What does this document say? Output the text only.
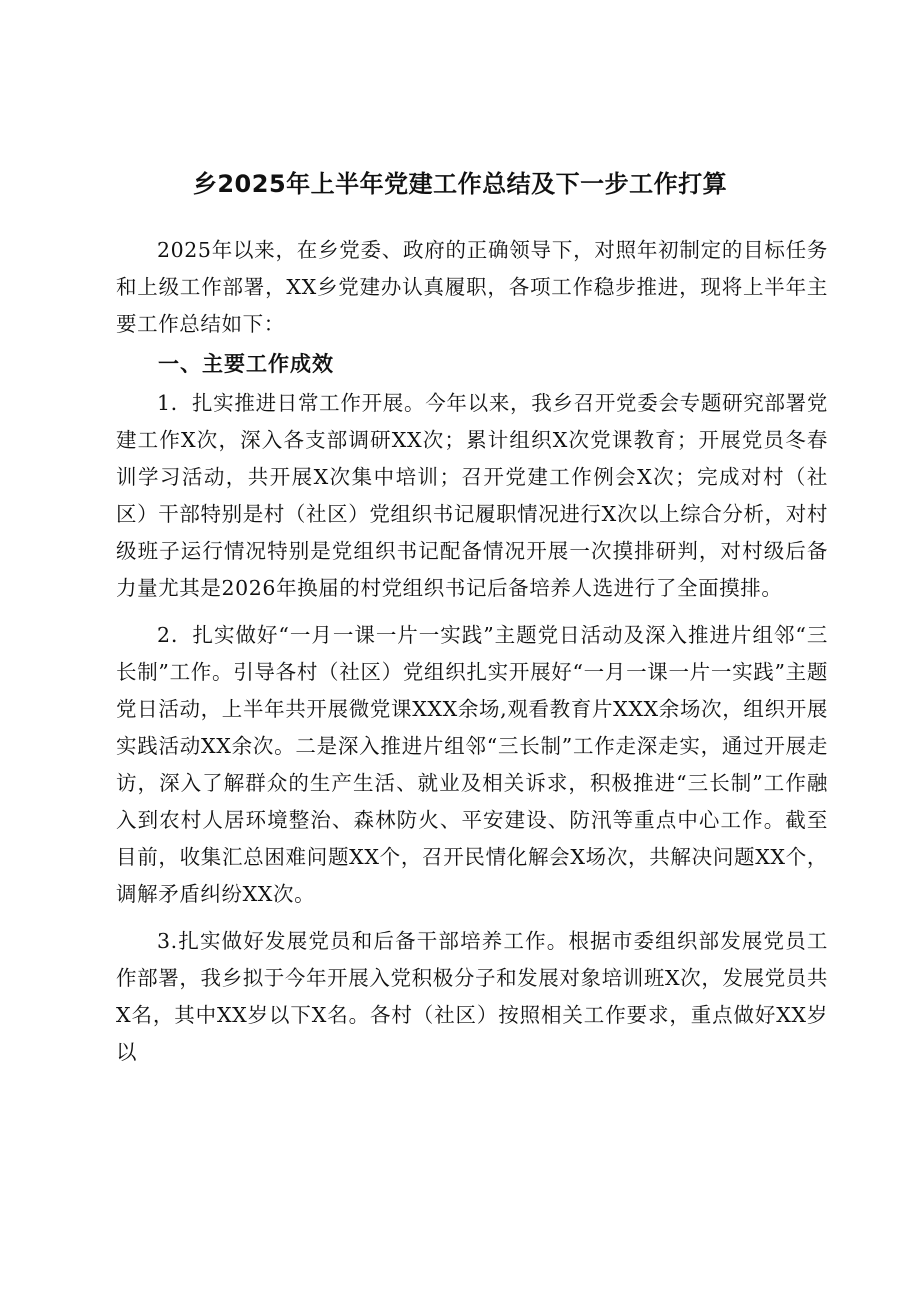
乡2025年上半年党建工作总结及下一步工作打算

2025年以来，在乡党委、政府的正确领导下，对照年初制定的目标任务和上级工作部署，XX乡党建办认真履职，各项工作稳步推进，现将上半年主要工作总结如下：

一、主要工作成效

1．扎实推进日常工作开展。今年以来，我乡召开党委会专题研究部署党建工作X次，深入各支部调研XX次；累计组织X次党课教育；开展党员冬春训学习活动，共开展X次集中培训；召开党建工作例会X次；完成对村（社区）干部特别是村（社区）党组织书记履职情况进行X次以上综合分析，对村级班子运行情况特别是党组织书记配备情况开展一次摸排研判，对村级后备力量尤其是2026年换届的村党组织书记后备培养人选进行了全面摸排。

2．扎实做好“一月一课一片一实践”主题党日活动及深入推进片组邻“三长制”工作。引导各村（社区）党组织扎实开展好“一月一课一片一实践”主题党日活动，上半年共开展微党课XXX余场,观看教育片XXX余场次，组织开展实践活动XX余次。二是深入推进片组邻“三长制”工作走深走实，通过开展走访，深入了解群众的生产生活、就业及相关诉求，积极推进“三长制”工作融入到农村人居环境整治、森林防火、平安建设、防汛等重点中心工作。截至目前，收集汇总困难问题XX个，召开民情化解会X场次，共解决问题XX个，调解矛盾纠纷XX次。

3.扎实做好发展党员和后备干部培养工作。根据市委组织部发展党员工作部署，我乡拟于今年开展入党积极分子和发展对象培训班X次，发展党员共X名，其中XX岁以下X名。各村（社区）按照相关工作要求，重点做好XX岁以
